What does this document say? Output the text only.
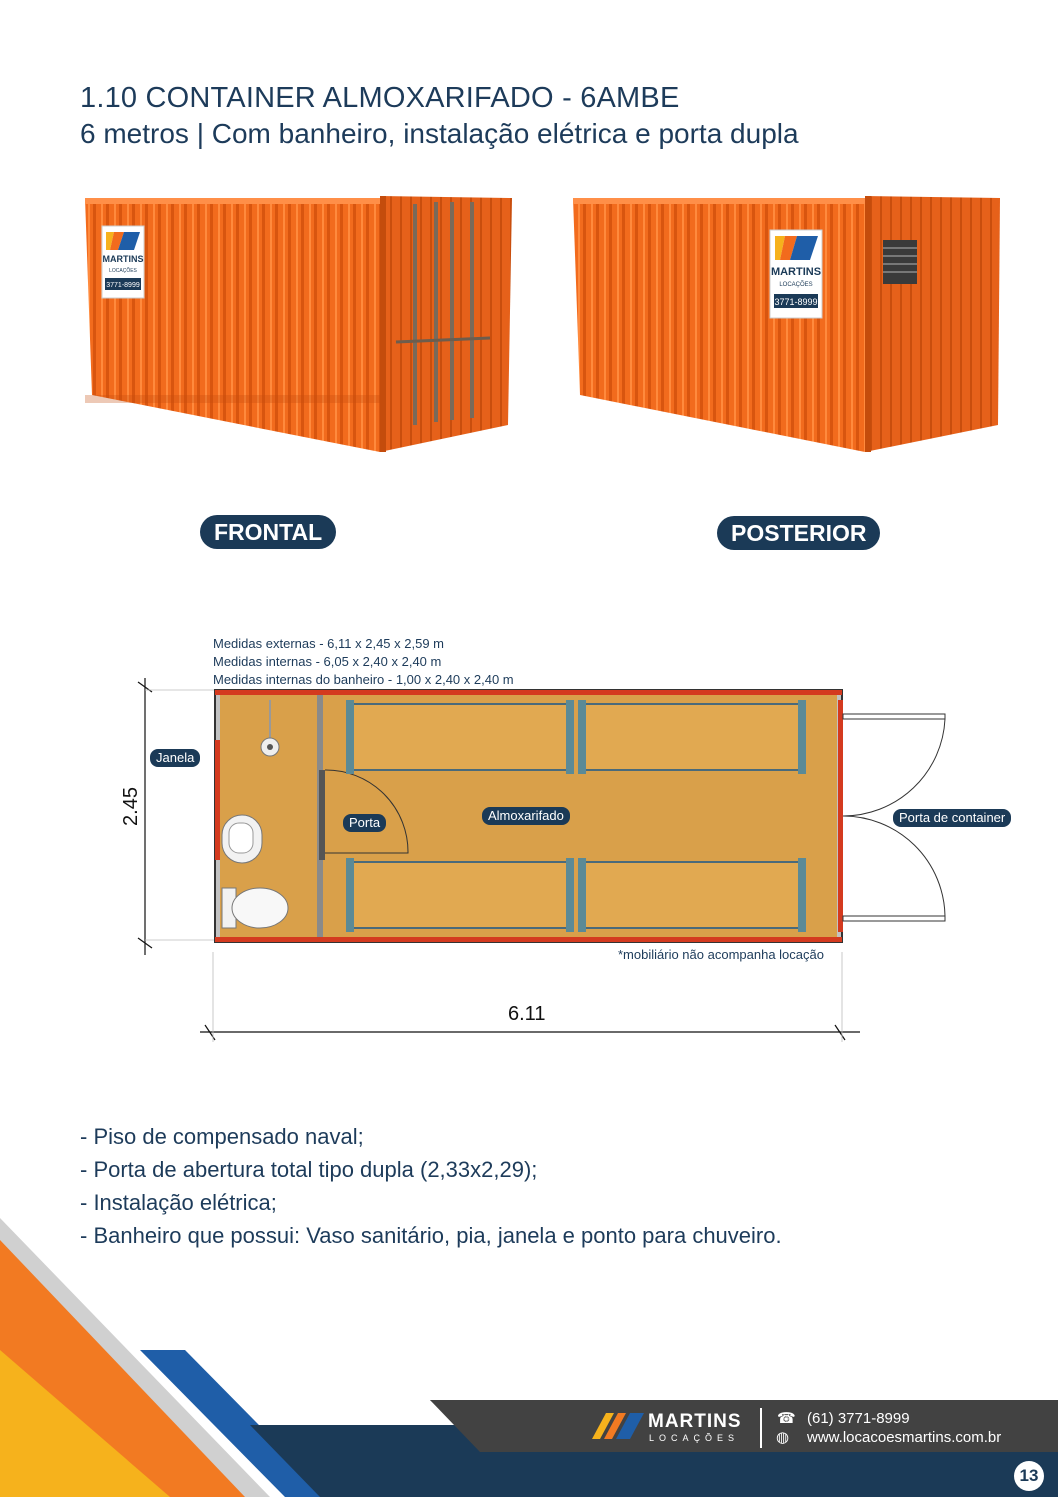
1.10 CONTAINER ALMOXARIFADO - 6AMBE
6 metros | Com banheiro, instalação elétrica e porta dupla
MARTINS
LOCAÇÕES
3771-8999
MARTINS
LOCAÇÕES
3771-8999
FRONTAL	POSTERIOR
Medidas externas - 6,11 x 2,45 x 2,59 m
Medidas internas - 6,05 x 2,40 x 2,40 m
Medidas internas do banheiro - 1,00 x 2,40 x 2,40 m
Janela
Porta	Almoxarifado	Porta de container
2.45
6.11
*mobiliário não acompanha locação
- Piso de compensado naval;
- Porta de abertura total tipo dupla (2,33x2,29);
- Instalação elétrica;
- Banheiro que possui: Vaso sanitário, pia, janela e ponto para chuveiro.
MARTINS
LOCAÇÕES
☎ (61) 3771-8999
◍ www.locacoesmartins.com.br
13
